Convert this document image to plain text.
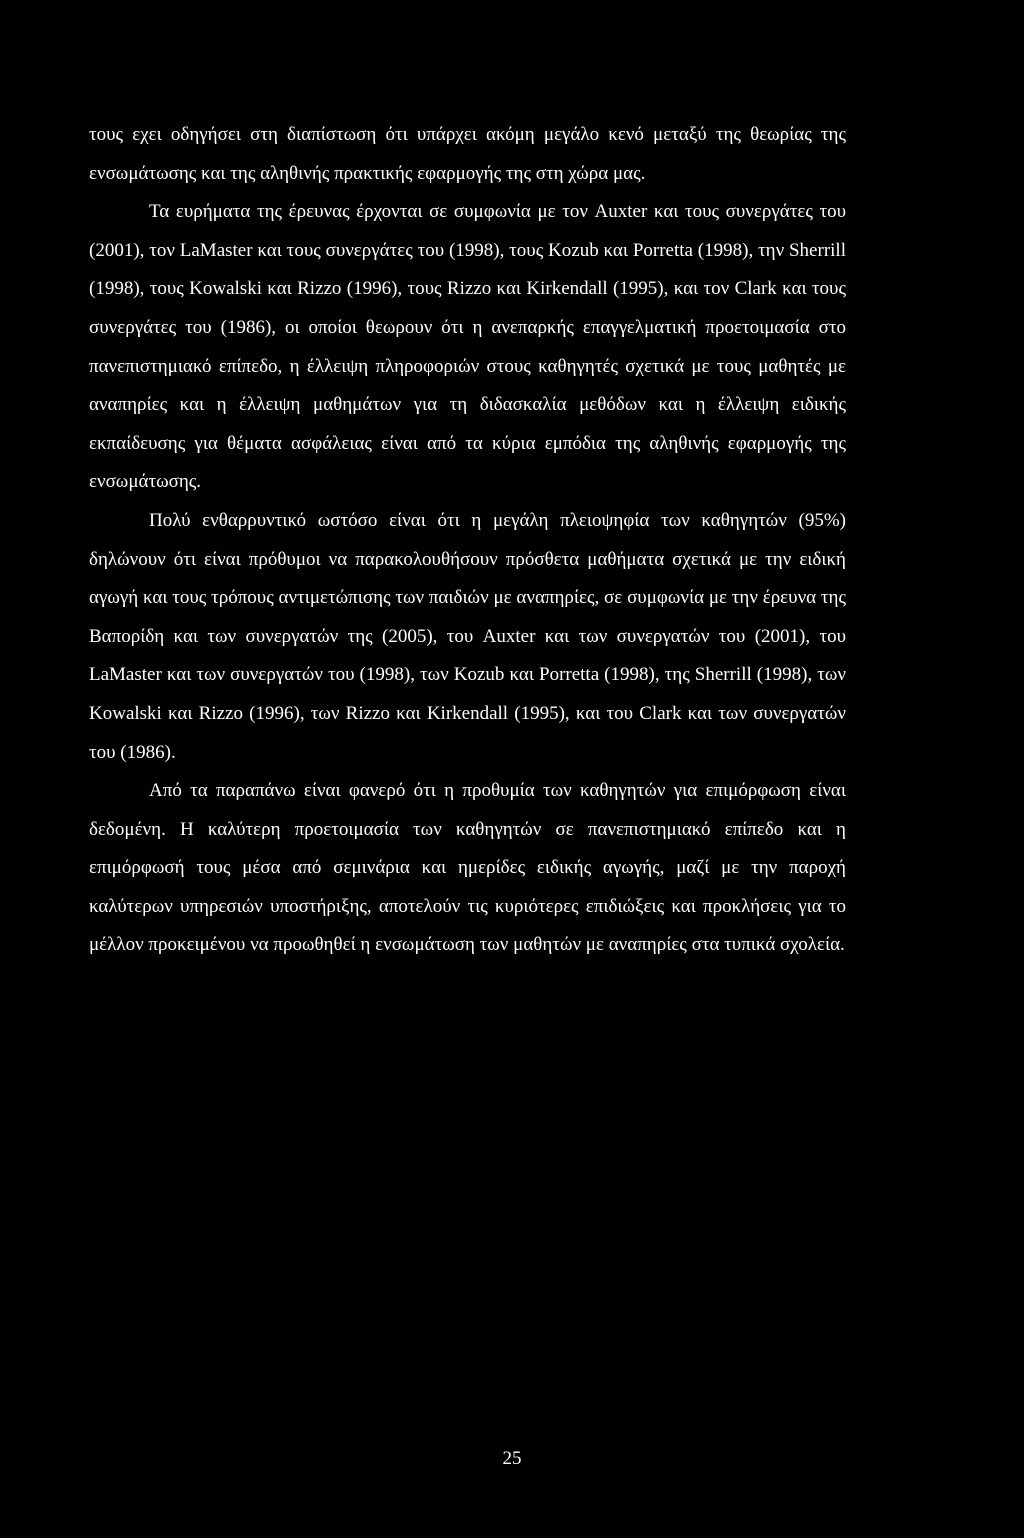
τους εχει οδηγήσει στη διαπίστωση ότι υπάρχει ακόμη μεγάλο κενό μεταξύ της θεωρίας της ενσωμάτωσης και της αληθινής πρακτικής εφαρμογής της στη χώρα μας.

Τα ευρήματα της έρευνας έρχονται σε συμφωνία με τον Auxter και τους συνεργάτες του (2001), τον LaMaster και τους συνεργάτες του (1998), τους Kozub και Porretta (1998), την Sherrill (1998), τους Kowalski και Rizzo (1996), τους Rizzo και Kirkendall (1995), και τον Clark και τους συνεργάτες του (1986), οι οποίοι θεωρουν ότι η ανεπαρκής επαγγελματική προετοιμασία στο πανεπιστημιακό επίπεδο, η έλλειψη πληροφοριών στους καθηγητές σχετικά με τους μαθητές με αναπηρίες και η έλλειψη μαθημάτων για τη διδασκαλία μεθόδων και η έλλειψη ειδικής εκπαίδευσης για θέματα ασφάλειας είναι από τα κύρια εμπόδια της αληθινής εφαρμογής της ενσωμάτωσης.

Πολύ ενθαρρυντικό ωστόσο είναι ότι η μεγάλη πλειοψηφία των καθηγητών (95%) δηλώνουν ότι είναι πρόθυμοι να παρακολουθήσουν πρόσθετα μαθήματα σχετικά με την ειδική αγωγή και τους τρόπους αντιμετώπισης των παιδιών με αναπηρίες, σε συμφωνία με την έρευνα της Βαπορίδη και των συνεργατών της (2005), του Auxter και των συνεργατών του (2001), του LaMaster και των συνεργατών του (1998), των Kozub και Porretta (1998), της Sherrill (1998), των Kowalski και Rizzo (1996), των Rizzo και Kirkendall (1995), και του Clark και των συνεργατών του (1986).

Από τα παραπάνω είναι φανερό ότι η προθυμία των καθηγητών για επιμόρφωση είναι δεδομένη. Η καλύτερη προετοιμασία των καθηγητών σε πανεπιστημιακό επίπεδο και η επιμόρφωσή τους μέσα από σεμινάρια και ημερίδες ειδικής αγωγής, μαζί με την παροχή καλύτερων υπηρεσιών υποστήριξης, αποτελούν τις κυριότερες επιδιώξεις και προκλήσεις για το μέλλον προκειμένου να προωθηθεί η ενσωμάτωση των μαθητών με αναπηρίες στα τυπικά σχολεία.

25
